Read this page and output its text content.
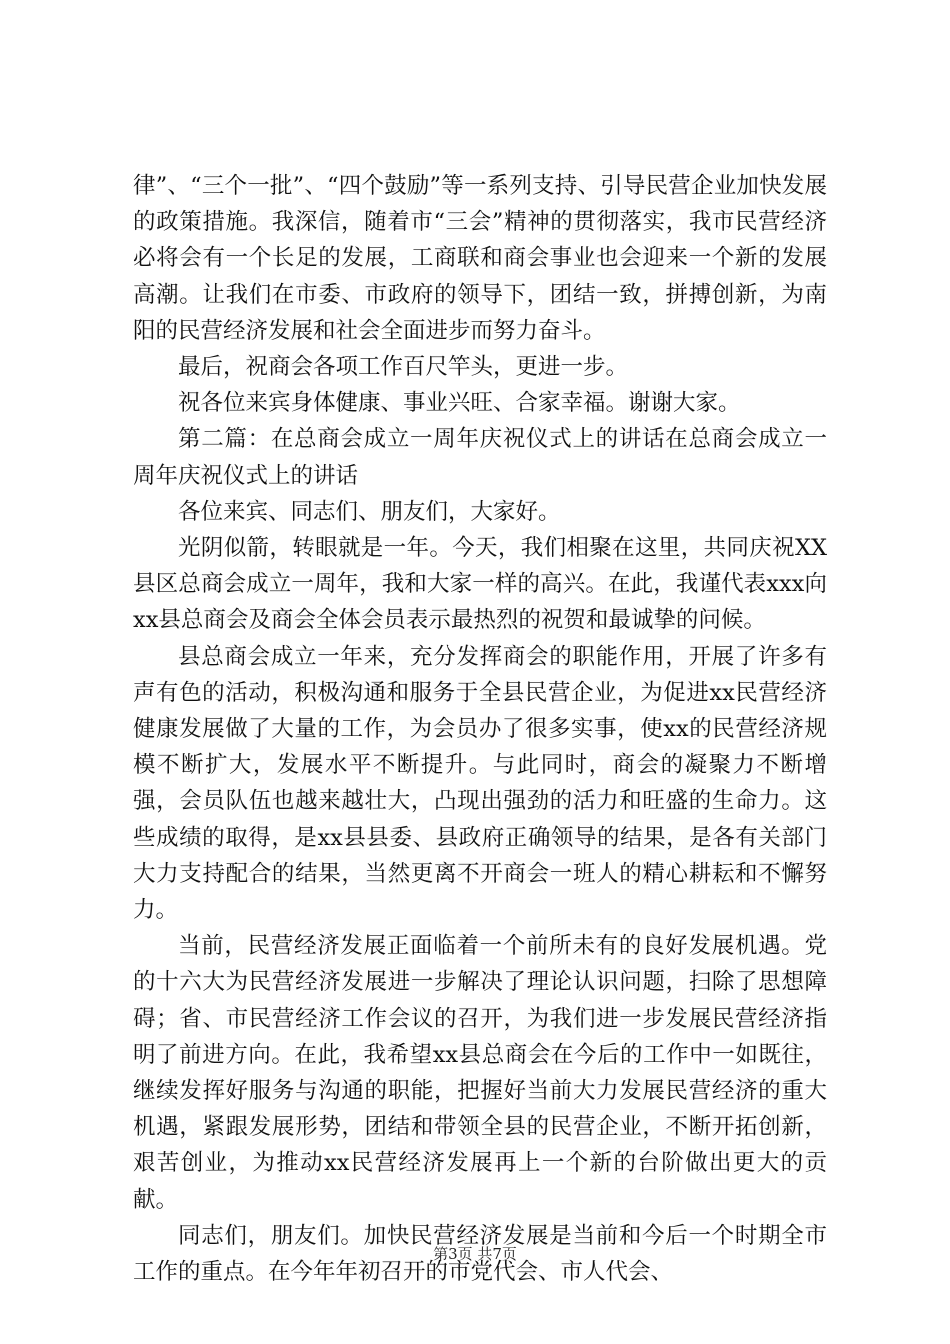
律”、“三个一批”、“四个鼓励”等一系列支持、引导民营企业加快发展的政策措施。我深信，随着市“三会”精神的贯彻落实，我市民营经济必将会有一个长足的发展，工商联和商会事业也会迎来一个新的发展高潮。让我们在市委、市政府的领导下，团结一致，拼搏创新，为南阳的民营经济发展和社会全面进步而努力奋斗。

最后，祝商会各项工作百尺竿头，更进一步。

祝各位来宾身体健康、事业兴旺、合家幸福。谢谢大家。

第二篇：在总商会成立一周年庆祝仪式上的讲话在总商会成立一周年庆祝仪式上的讲话

各位来宾、同志们、朋友们，大家好。

光阴似箭，转眼就是一年。今天，我们相聚在这里，共同庆祝XX县区总商会成立一周年，我和大家一样的高兴。在此，我谨代表xxx向xx县总商会及商会全体会员表示最热烈的祝贺和最诚挚的问候。

县总商会成立一年来，充分发挥商会的职能作用，开展了许多有声有色的活动，积极沟通和服务于全县民营企业，为促进xx民营经济健康发展做了大量的工作，为会员办了很多实事，使xx的民营经济规模不断扩大，发展水平不断提升。与此同时，商会的凝聚力不断增强，会员队伍也越来越壮大，凸现出强劲的活力和旺盛的生命力。这些成绩的取得，是xx县县委、县政府正确领导的结果，是各有关部门大力支持配合的结果，当然更离不开商会一班人的精心耕耘和不懈努力。

当前，民营经济发展正面临着一个前所未有的良好发展机遇。党的十六大为民营经济发展进一步解决了理论认识问题，扫除了思想障碍；省、市民营经济工作会议的召开，为我们进一步发展民营经济指明了前进方向。在此，我希望xx县总商会在今后的工作中一如既往，继续发挥好服务与沟通的职能，把握好当前大力发展民营经济的重大机遇，紧跟发展形势，团结和带领全县的民营企业，不断开拓创新，艰苦创业，为推动xx民营经济发展再上一个新的台阶做出更大的贡献。

同志们，朋友们。加快民营经济发展是当前和今后一个时期全市工作的重点。在今年年初召开的市党代会、市人代会、

第3页 共7页
